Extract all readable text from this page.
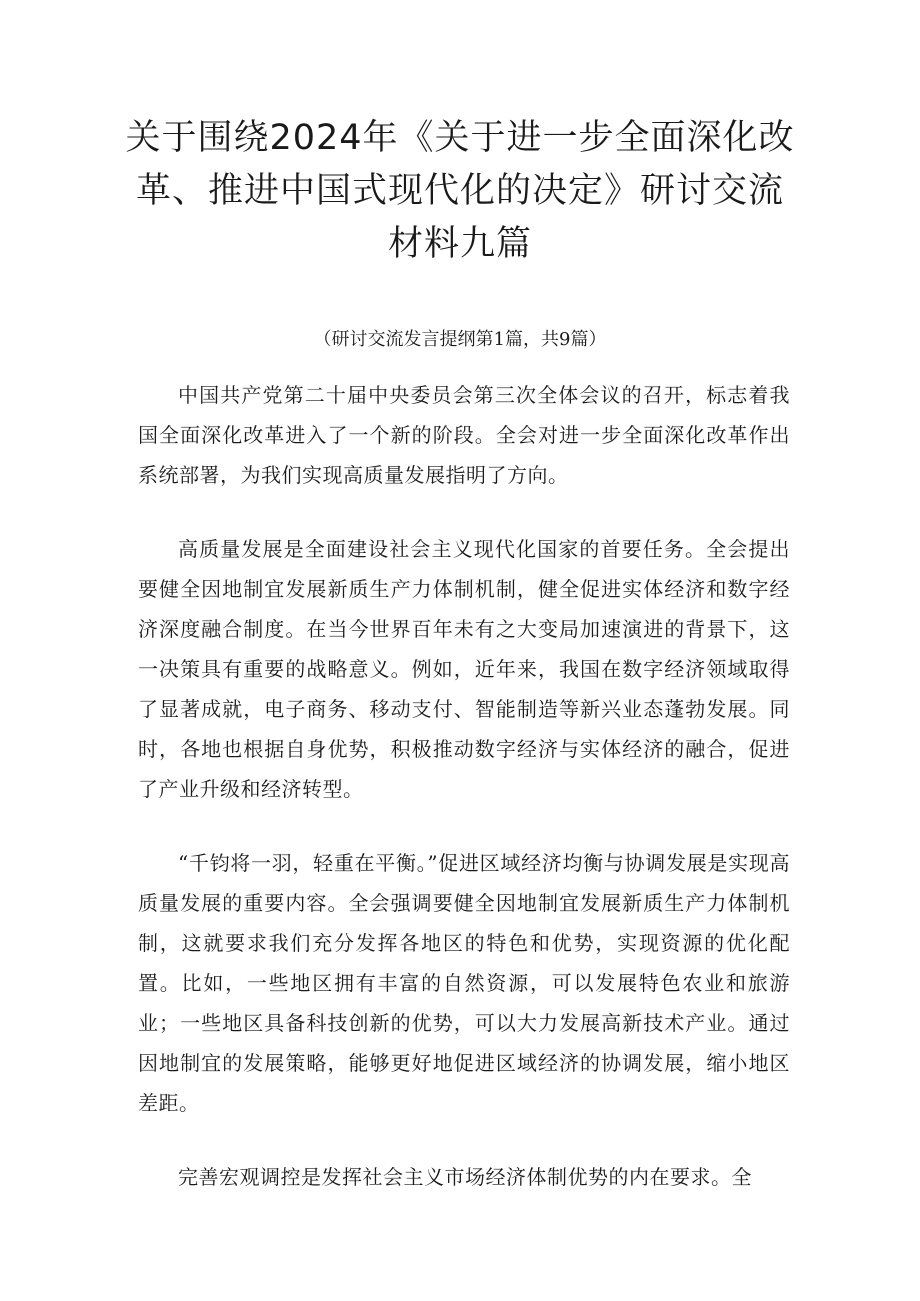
关于围绕2024年《关于进一步全面深化改
革、推进中国式现代化的决定》研讨交流
材料九篇

（研讨交流发言提纲第1篇，共9篇）

中国共产党第二十届中央委员会第三次全体会议的召开，标志着我国全面深化改革进入了一个新的阶段。全会对进一步全面深化改革作出系统部署，为我们实现高质量发展指明了方向。

高质量发展是全面建设社会主义现代化国家的首要任务。全会提出要健全因地制宜发展新质生产力体制机制，健全促进实体经济和数字经济深度融合制度。在当今世界百年未有之大变局加速演进的背景下，这一决策具有重要的战略意义。例如，近年来，我国在数字经济领域取得了显著成就，电子商务、移动支付、智能制造等新兴业态蓬勃发展。同时，各地也根据自身优势，积极推动数字经济与实体经济的融合，促进了产业升级和经济转型。

“千钧将一羽，轻重在平衡。”促进区域经济均衡与协调发展是实现高质量发展的重要内容。全会强调要健全因地制宜发展新质生产力体制机制，这就要求我们充分发挥各地区的特色和优势，实现资源的优化配置。比如，一些地区拥有丰富的自然资源，可以发展特色农业和旅游业；一些地区具备科技创新的优势，可以大力发展高新技术产业。通过因地制宜的发展策略，能够更好地促进区域经济的协调发展，缩小地区差距。

完善宏观调控是发挥社会主义市场经济体制优势的内在要求。全
